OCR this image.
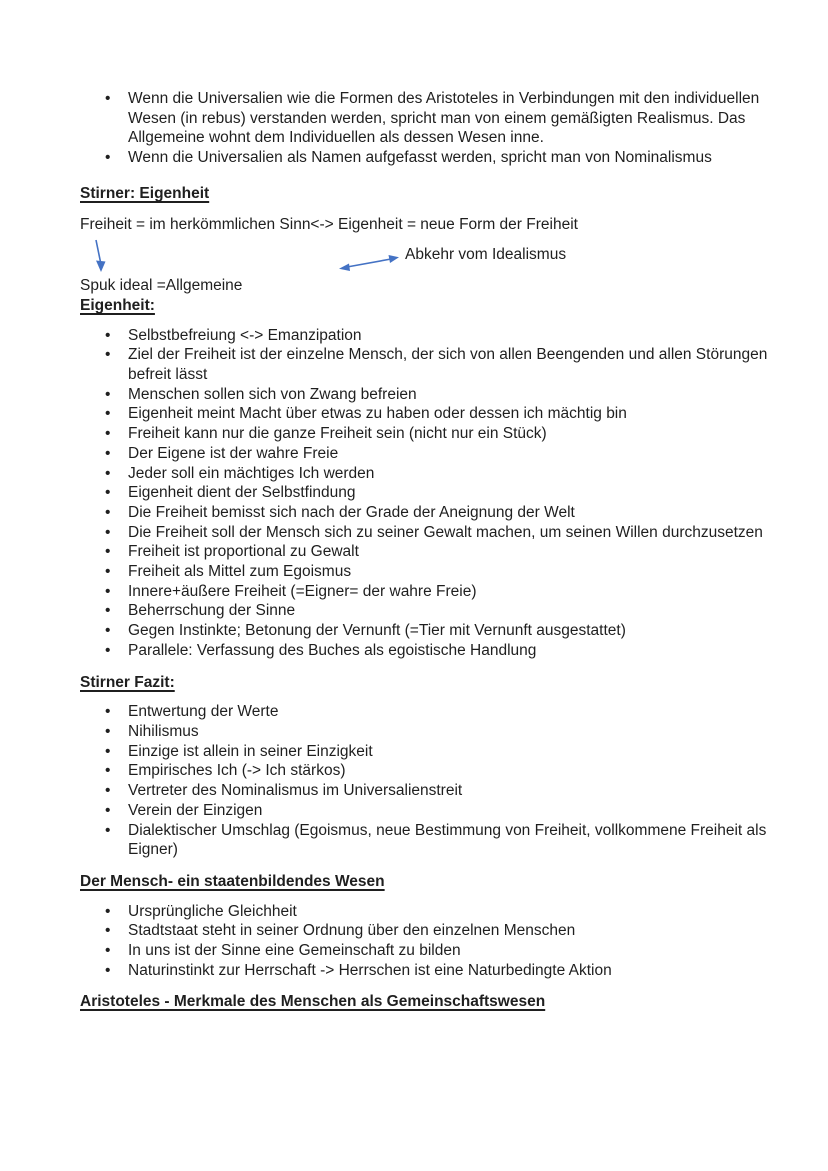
• Wenn die Universalien wie die Formen des Aristoteles in Verbindungen mit den individuellen Wesen (in rebus) verstanden werden, spricht man von einem gemäßigten Realismus. Das Allgemeine wohnt dem Individuellen als dessen Wesen inne.
• Wenn die Universalien als Namen aufgefasst werden, spricht man von Nominalismus
Stirner: Eigenheit

Freiheit = im herkömmlichen Sinn<-> Eigenheit = neue Form der Freiheit

Abkehr vom Idealismus

Spuk ideal =Allgemeine

Eigenheit:
• Selbstbefreiung <-> Emanzipation
• Ziel der Freiheit ist der einzelne Mensch, der sich von allen Beengenden und allen Störungen befreit lässt
• Menschen sollen sich von Zwang befreien
• Eigenheit meint Macht über etwas zu haben oder dessen ich mächtig bin
• Freiheit kann nur die ganze Freiheit sein (nicht nur ein Stück)
• Der Eigene ist der wahre Freie
• Jeder soll ein mächtiges Ich werden
• Eigenheit dient der Selbstfindung
• Die Freiheit bemisst sich nach der Grade der Aneignung der Welt
• Die Freiheit soll der Mensch sich zu seiner Gewalt machen, um seinen Willen durchzusetzen
• Freiheit ist proportional zu Gewalt
• Freiheit als Mittel zum Egoismus
• Innere+äußere Freiheit (=Eigner= der wahre Freie)
• Beherrschung der Sinne
• Gegen Instinkte; Betonung der Vernunft (=Tier mit Vernunft ausgestattet)
• Parallele: Verfassung des Buches als egoistische Handlung
Stirner Fazit:
• Entwertung der Werte
• Nihilismus
• Einzige ist allein in seiner Einzigkeit
• Empirisches Ich (-> Ich stärkos)
• Vertreter des Nominalismus im Universalienstreit
• Verein der Einzigen
• Dialektischer Umschlag (Egoismus, neue Bestimmung von Freiheit, vollkommene Freiheit als Eigner)
Der Mensch- ein staatenbildendes Wesen
• Ursprüngliche Gleichheit
• Stadtstaat steht in seiner Ordnung über den einzelnen Menschen
• In uns ist der Sinne eine Gemeinschaft zu bilden
• Naturinstinkt zur Herrschaft -> Herrschen ist eine Naturbedingte Aktion
Aristoteles - Merkmale des Menschen als Gemeinschaftswesen
